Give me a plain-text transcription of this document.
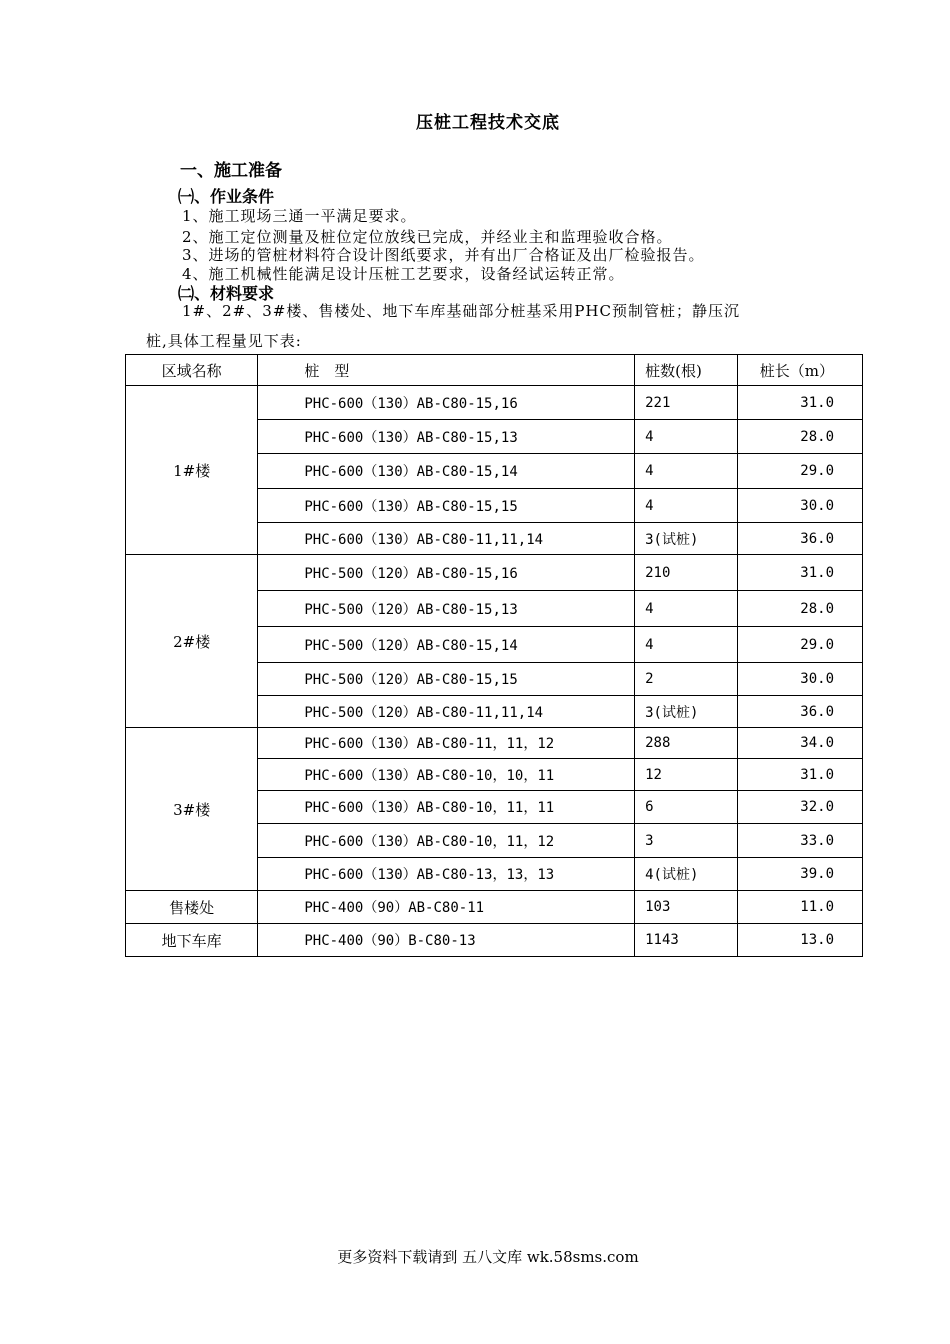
压桩工程技术交底
一、施工准备
㈠、作业条件
1、施工现场三通一平满足要求。
2、施工定位测量及桩位定位放线已完成，并经业主和监理验收合格。
3、进场的管桩材料符合设计图纸要求，并有出厂合格证及出厂检验报告。
4、施工机械性能满足设计压桩工艺要求，设备经试运转正常。
㈡、材料要求
1#、2#、3#楼、售楼处、地下车库基础部分桩基采用PHC预制管桩；静压沉
桩,具体工程量见下表:
区域名称	桩　型	桩数(根)	桩长（m）
1#楼	PHC-600（130）AB-C80-15,16	221	31.0
	PHC-600（130）AB-C80-15,13	4	28.0
	PHC-600（130）AB-C80-15,14	4	29.0
	PHC-600（130）AB-C80-15,15	4	30.0
	PHC-600（130）AB-C80-11,11,14	3(试桩)	36.0
2#楼	PHC-500（120）AB-C80-15,16	210	31.0
	PHC-500（120）AB-C80-15,13	4	28.0
	PHC-500（120）AB-C80-15,14	4	29.0
	PHC-500（120）AB-C80-15,15	2	30.0
	PHC-500（120）AB-C80-11,11,14	3(试桩)	36.0
3#楼	PHC-600（130）AB-C80-11，11，12	288	34.0
	PHC-600（130）AB-C80-10，10，11	12	31.0
	PHC-600（130）AB-C80-10，11，11	6	32.0
	PHC-600（130）AB-C80-10，11，12	3	33.0
	PHC-600（130）AB-C80-13，13，13	4(试桩)	39.0
售楼处	PHC-400（90）AB-C80-11	103	11.0
地下车库	PHC-400（90）B-C80-13	1143	13.0
更多资料下载请到 五八文库 wk.58sms.com
